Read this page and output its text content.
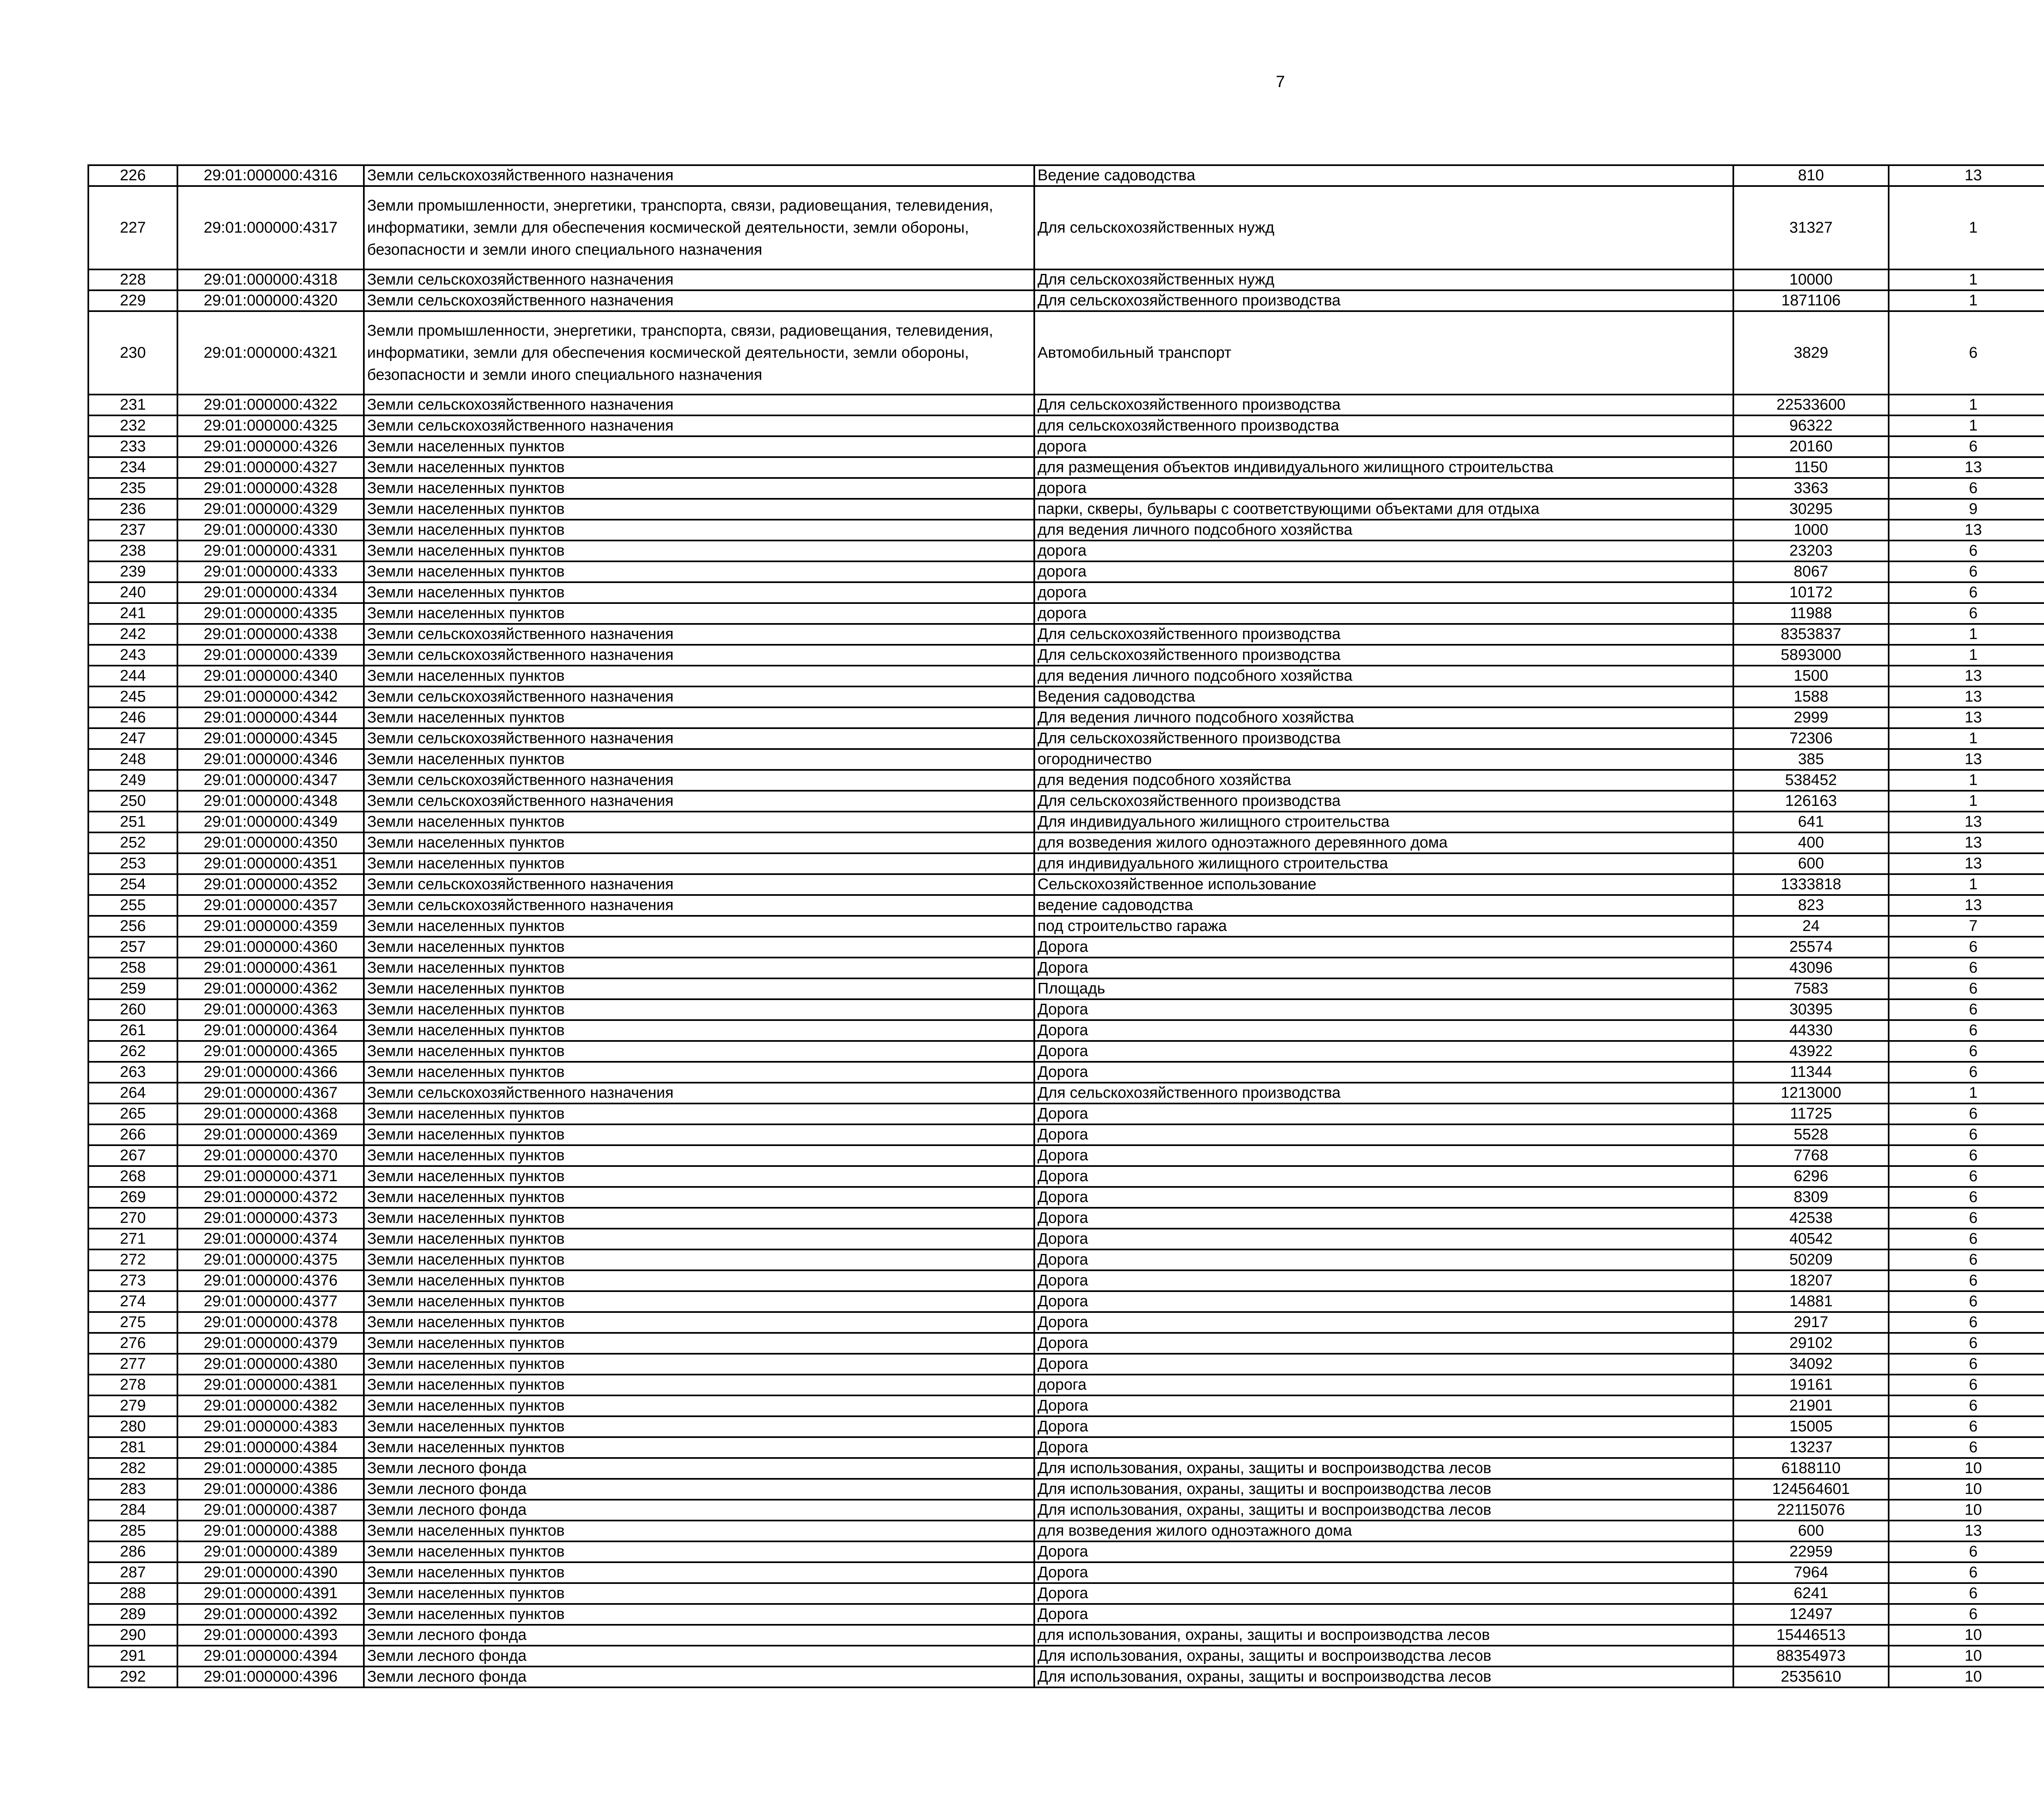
7
226	29:01:000000:4316	Земли сельскохозяйственного назначения	Ведение садоводства	810	13		
227	29:01:000000:4317	Земли промышленности, энергетики, транспорта, связи, радиовещания, телевидения, информатики, земли для обеспечения космической деятельности, земли обороны, безопасности и земли иного специального назначения	Для сельскохозяйственных нужд	31327	1		
228	29:01:000000:4318	Земли сельскохозяйственного назначения	Для сельскохозяйственных нужд	10000	1		
229	29:01:000000:4320	Земли сельскохозяйственного назначения	Для сельскохозяйственного производства	1871106	1		
230	29:01:000000:4321	Земли промышленности, энергетики, транспорта, связи, радиовещания, телевидения, информатики, земли для обеспечения космической деятельности, земли обороны, безопасности и земли иного специального назначения	Автомобильный транспорт	3829	6		
231	29:01:000000:4322	Земли сельскохозяйственного назначения	Для сельскохозяйственного производства	22533600	1		
232	29:01:000000:4325	Земли сельскохозяйственного назначения	для сельскохозяйственного производства	96322	1		
233	29:01:000000:4326	Земли населенных пунктов	дорога	20160	6		
234	29:01:000000:4327	Земли населенных пунктов	для размещения объектов индивидуального жилищного строительства	1150	13		
235	29:01:000000:4328	Земли населенных пунктов	дорога	3363	6		
236	29:01:000000:4329	Земли населенных пунктов	парки, скверы, бульвары с соответствующими объектами для отдыха	30295	9		
237	29:01:000000:4330	Земли населенных пунктов	для ведения личного подсобного хозяйства	1000	13		
238	29:01:000000:4331	Земли населенных пунктов	дорога	23203	6		
239	29:01:000000:4333	Земли населенных пунктов	дорога	8067	6		
240	29:01:000000:4334	Земли населенных пунктов	дорога	10172	6		
241	29:01:000000:4335	Земли населенных пунктов	дорога	11988	6		
242	29:01:000000:4338	Земли сельскохозяйственного назначения	Для сельскохозяйственного производства	8353837	1		
243	29:01:000000:4339	Земли сельскохозяйственного назначения	Для сельскохозяйственного производства	5893000	1		
244	29:01:000000:4340	Земли населенных пунктов	для ведения личного подсобного хозяйства	1500	13		
245	29:01:000000:4342	Земли сельскохозяйственного назначения	Ведения садоводства	1588	13		
246	29:01:000000:4344	Земли населенных пунктов	Для ведения личного подсобного хозяйства	2999	13		
247	29:01:000000:4345	Земли сельскохозяйственного назначения	Для сельскохозяйственного производства	72306	1		
248	29:01:000000:4346	Земли населенных пунктов	огородничество	385	13		
249	29:01:000000:4347	Земли сельскохозяйственного назначения	для ведения подсобного хозяйства	538452	1		
250	29:01:000000:4348	Земли сельскохозяйственного назначения	Для сельскохозяйственного производства	126163	1		
251	29:01:000000:4349	Земли населенных пунктов	Для индивидуального жилищного строительства	641	13		
252	29:01:000000:4350	Земли населенных пунктов	для возведения жилого одноэтажного деревянного дома	400	13		
253	29:01:000000:4351	Земли населенных пунктов	для индивидуального жилищного строительства	600	13		
254	29:01:000000:4352	Земли сельскохозяйственного назначения	Сельскохозяйственное использование	1333818	1		
255	29:01:000000:4357	Земли сельскохозяйственного назначения	ведение садоводства	823	13		
256	29:01:000000:4359	Земли населенных пунктов	под строительство гаража	24	7		
257	29:01:000000:4360	Земли населенных пунктов	Дорога	25574	6		
258	29:01:000000:4361	Земли населенных пунктов	Дорога	43096	6		
259	29:01:000000:4362	Земли населенных пунктов	Площадь	7583	6		
260	29:01:000000:4363	Земли населенных пунктов	Дорога	30395	6		
261	29:01:000000:4364	Земли населенных пунктов	Дорога	44330	6		
262	29:01:000000:4365	Земли населенных пунктов	Дорога	43922	6		
263	29:01:000000:4366	Земли населенных пунктов	Дорога	11344	6		
264	29:01:000000:4367	Земли сельскохозяйственного назначения	Для сельскохозяйственного производства	1213000	1		
265	29:01:000000:4368	Земли населенных пунктов	Дорога	11725	6		
266	29:01:000000:4369	Земли населенных пунктов	Дорога	5528	6		
267	29:01:000000:4370	Земли населенных пунктов	Дорога	7768	6		
268	29:01:000000:4371	Земли населенных пунктов	Дорога	6296	6		
269	29:01:000000:4372	Земли населенных пунктов	Дорога	8309	6		
270	29:01:000000:4373	Земли населенных пунктов	Дорога	42538	6		
271	29:01:000000:4374	Земли населенных пунктов	Дорога	40542	6		
272	29:01:000000:4375	Земли населенных пунктов	Дорога	50209	6		
273	29:01:000000:4376	Земли населенных пунктов	Дорога	18207	6		
274	29:01:000000:4377	Земли населенных пунктов	Дорога	14881	6		
275	29:01:000000:4378	Земли населенных пунктов	Дорога	2917	6		
276	29:01:000000:4379	Земли населенных пунктов	Дорога	29102	6		
277	29:01:000000:4380	Земли населенных пунктов	Дорога	34092	6		
278	29:01:000000:4381	Земли населенных пунктов	дорога	19161	6		
279	29:01:000000:4382	Земли населенных пунктов	Дорога	21901	6		
280	29:01:000000:4383	Земли населенных пунктов	Дорога	15005	6		
281	29:01:000000:4384	Земли населенных пунктов	Дорога	13237	6		
282	29:01:000000:4385	Земли лесного фонда	Для использования, охраны, защиты и воспроизводства лесов	6188110	10		
283	29:01:000000:4386	Земли лесного фонда	Для использования, охраны, защиты и воспроизводства лесов	124564601	10		
284	29:01:000000:4387	Земли лесного фонда	Для использования, охраны, защиты и воспроизводства лесов	22115076	10		
285	29:01:000000:4388	Земли населенных пунктов	для возведения жилого одноэтажного дома	600	13		
286	29:01:000000:4389	Земли населенных пунктов	Дорога	22959	6		
287	29:01:000000:4390	Земли населенных пунктов	Дорога	7964	6		
288	29:01:000000:4391	Земли населенных пунктов	Дорога	6241	6		
289	29:01:000000:4392	Земли населенных пунктов	Дорога	12497	6		
290	29:01:000000:4393	Земли лесного фонда	для использования, охраны, защиты и воспроизводства лесов	15446513	10		
291	29:01:000000:4394	Земли лесного фонда	Для использования, охраны, защиты и воспроизводства лесов	88354973	10		
292	29:01:000000:4396	Земли лесного фонда	Для использования, охраны, защиты и воспроизводства лесов	2535610	10		
